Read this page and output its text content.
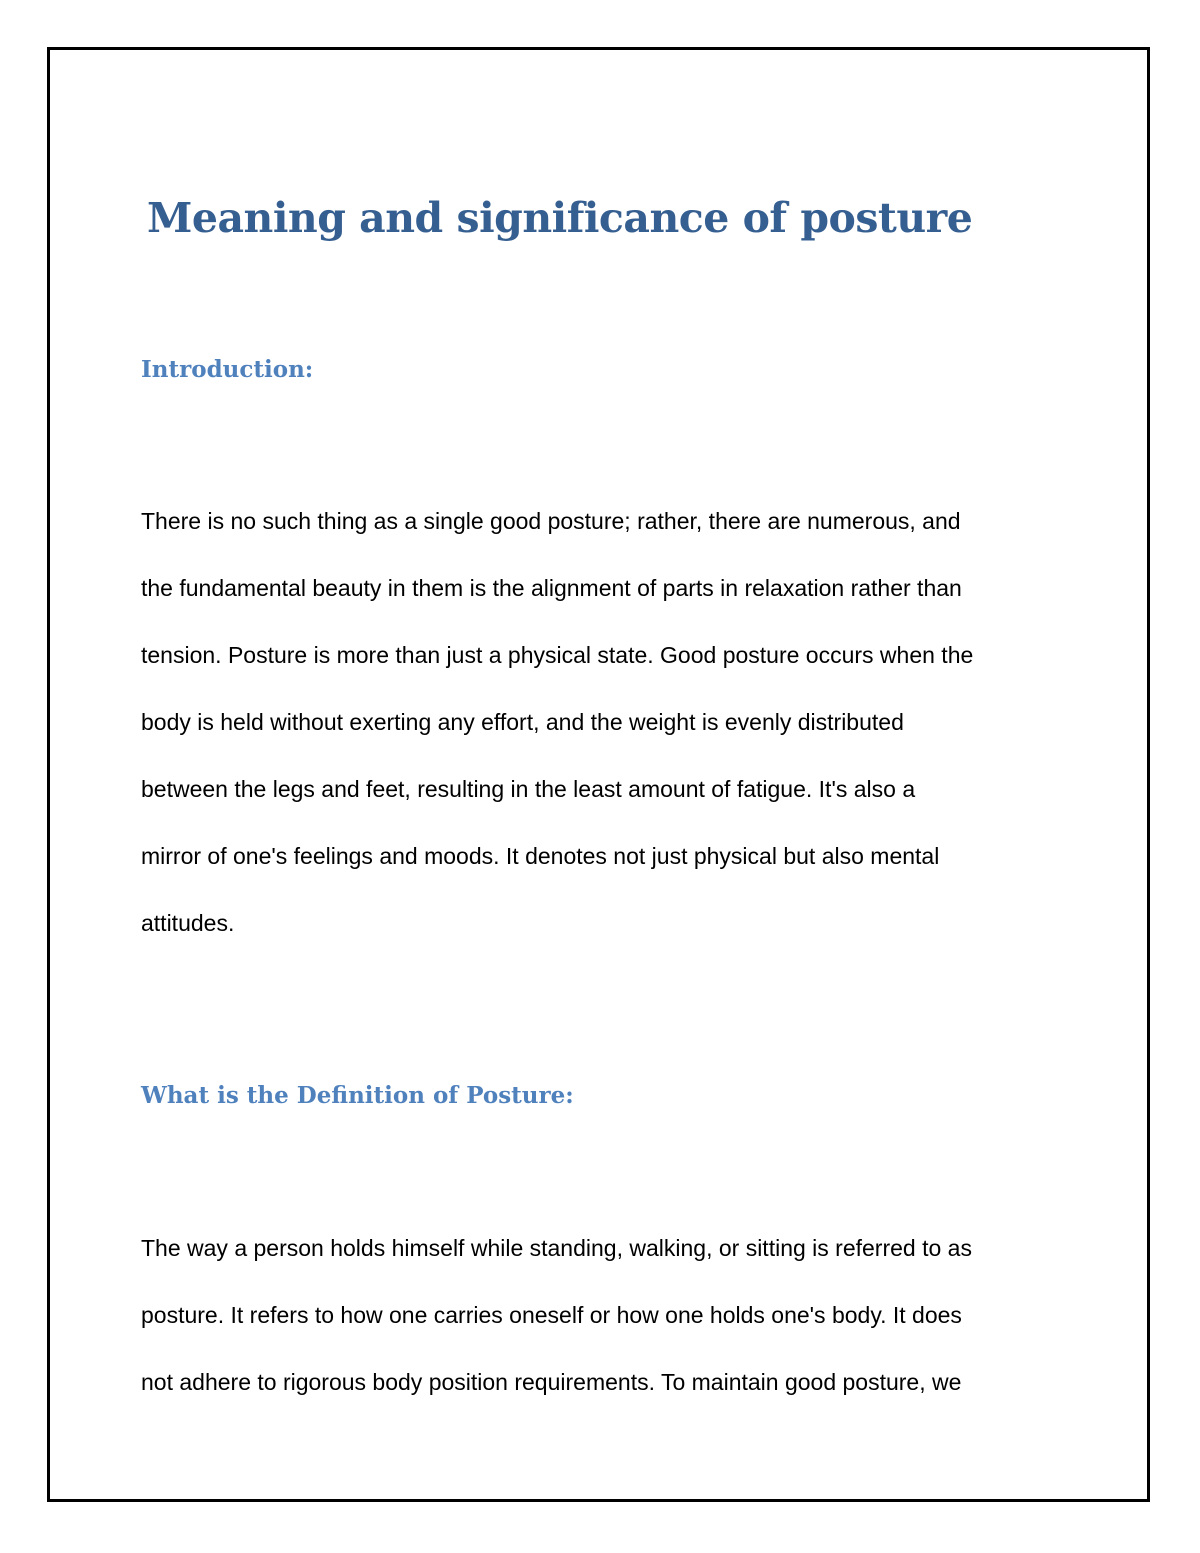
Meaning and significance of posture
Introduction:

There is no such thing as a single good posture; rather, there are numerous, and

the fundamental beauty in them is the alignment of parts in relaxation rather than

tension. Posture is more than just a physical state. Good posture occurs when the

body is held without exerting any effort, and the weight is evenly distributed

between the legs and feet, resulting in the least amount of fatigue. It's also a

mirror of one's feelings and moods. It denotes not just physical but also mental

attitudes.

What is the Definition of Posture:

The way a person holds himself while standing, walking, or sitting is referred to as

posture. It refers to how one carries oneself or how one holds one's body. It does

not adhere to rigorous body position requirements. To maintain good posture, we
